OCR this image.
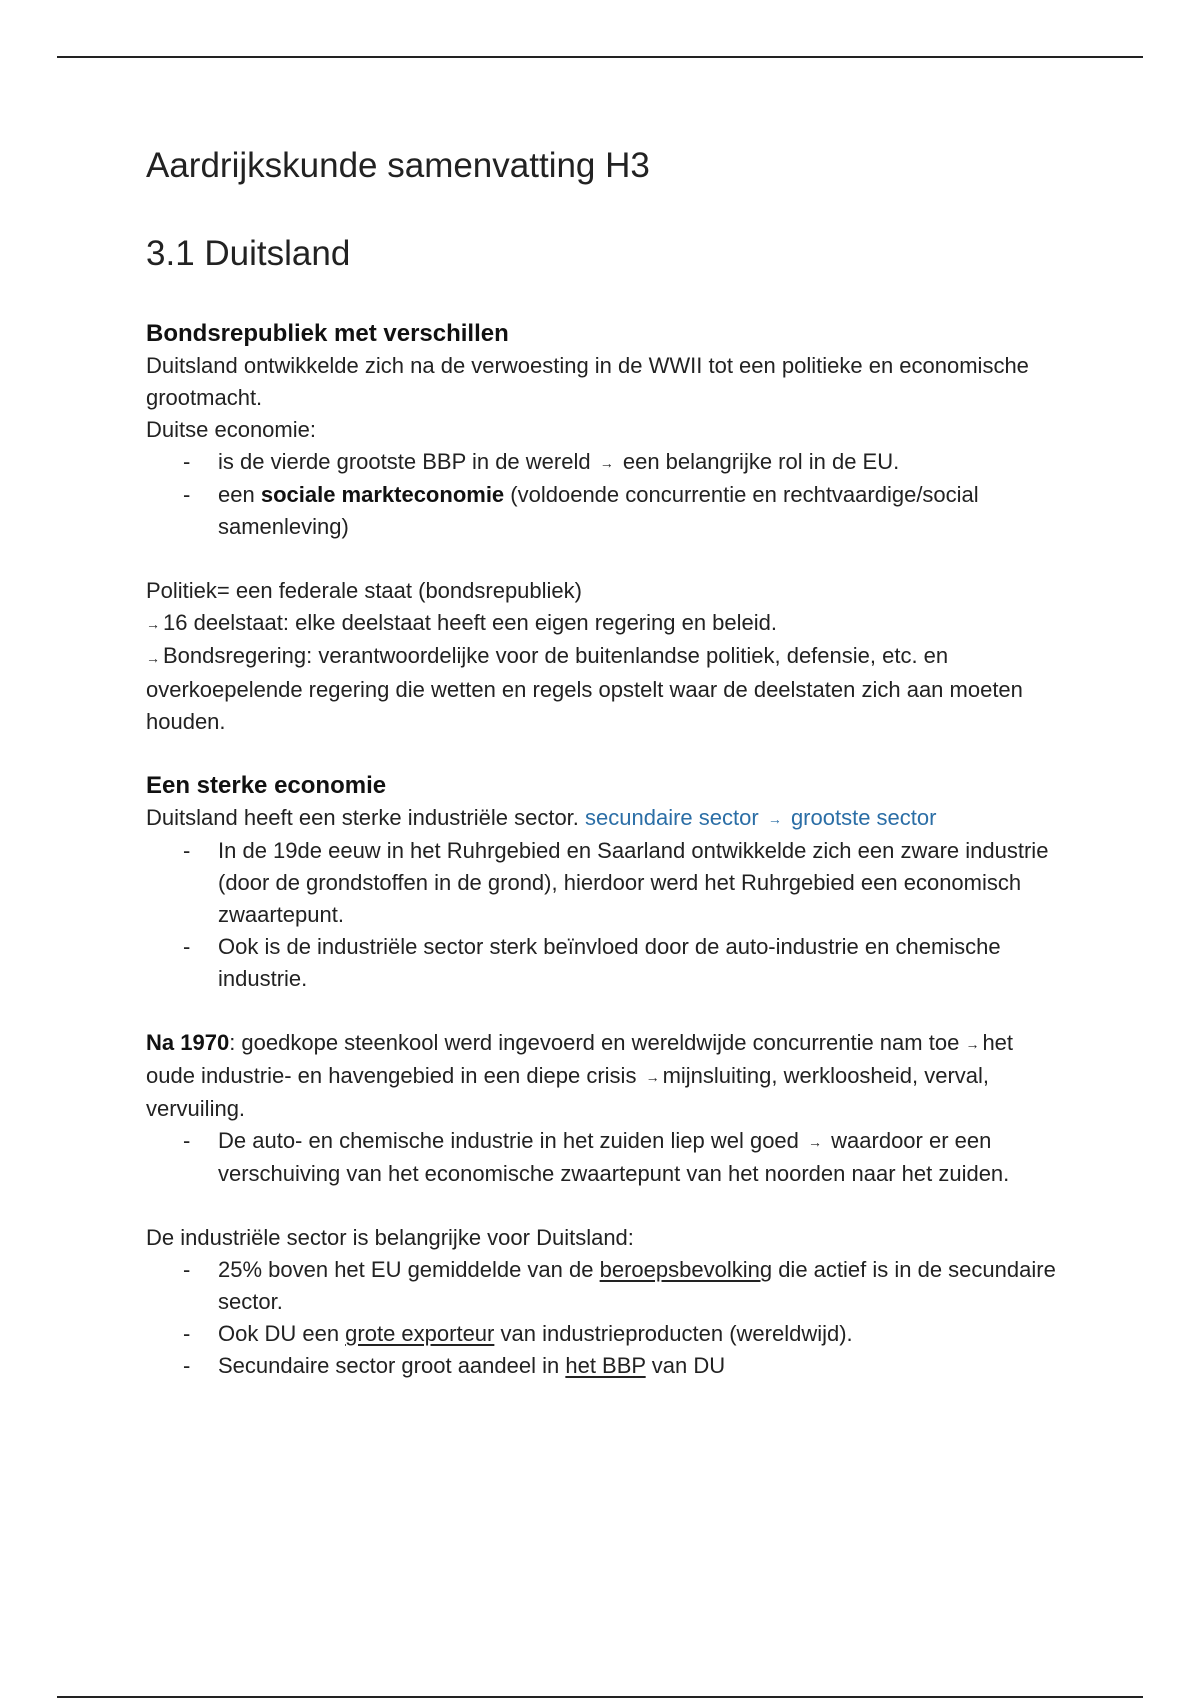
Aardrijkskunde samenvatting H3
3.1 Duitsland
Bondsrepubliek met verschillen

Duitsland ontwikkelde zich na de verwoesting in de WWII tot een politieke en economische grootmacht.

Duitse economie:

- is de vierde grootste BBP in de wereld → een belangrijke rol in de EU.
- een sociale markteconomie (voldoende concurrentie en rechtvaardige/social samenleving)

Politiek= een federale staat (bondsrepubliek)

→ 16 deelstaat: elke deelstaat heeft een eigen regering en beleid.

→ Bondsregering: verantwoordelijke voor de buitenlandse politiek, defensie, etc. en overkoepelende regering die wetten en regels opstelt waar de deelstaten zich aan moeten houden.

Een sterke economie

Duitsland heeft een sterke industriële sector. secundaire sector → grootste sector

- In de 19de eeuw in het Ruhrgebied en Saarland ontwikkelde zich een zware industrie (door de grondstoffen in de grond), hierdoor werd het Ruhrgebied een economisch zwaartepunt.
- Ook is de industriële sector sterk beïnvloed door de auto-industrie en chemische industrie.

Na 1970: goedkope steenkool werd ingevoerd en wereldwijde concurrentie nam toe → het oude industrie- en havengebied in een diepe crisis → mijnsluiting, werkloosheid, verval, vervuiling.

- De auto- en chemische industrie in het zuiden liep wel goed → waardoor er een verschuiving van het economische zwaartepunt van het noorden naar het zuiden.

De industriële sector is belangrijke voor Duitsland:

- 25% boven het EU gemiddelde van de beroepsbevolking die actief is in de secundaire sector.
- Ook DU een grote exporteur van industrieproducten (wereldwijd).
- Secundaire sector groot aandeel in het BBP van DU
